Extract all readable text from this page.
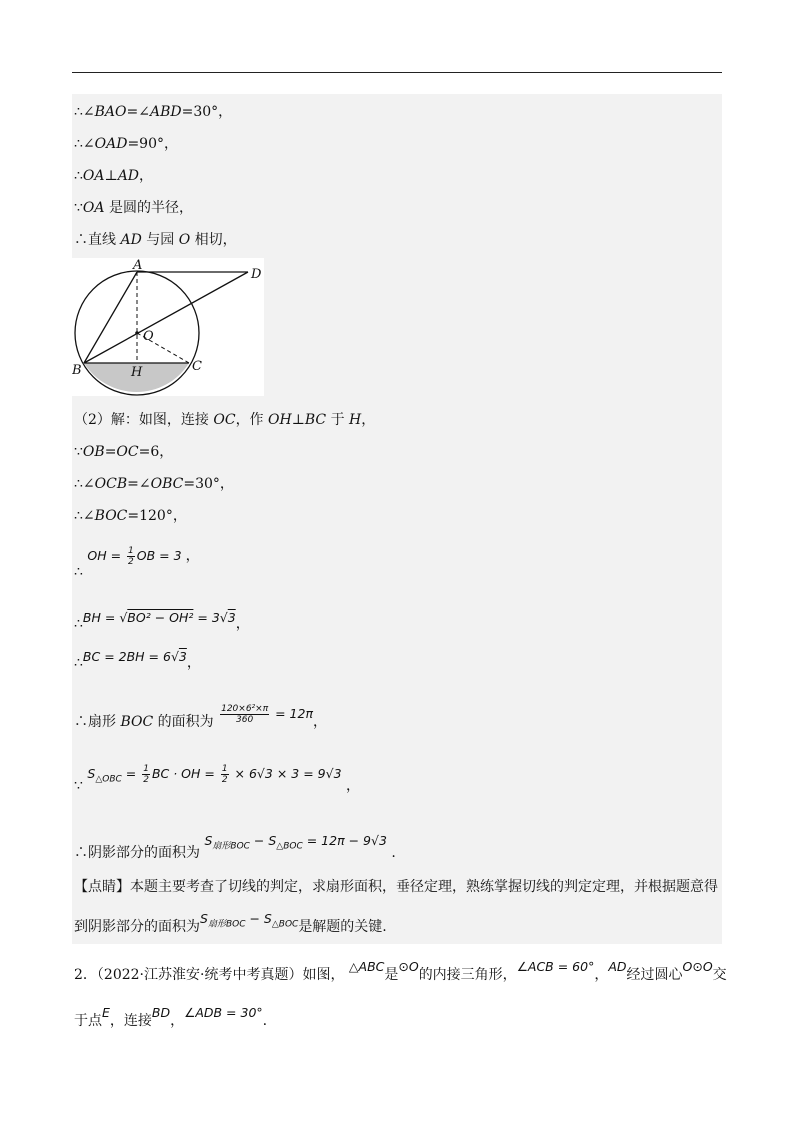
∴∠BAO=∠ABD=30°，
∴∠OAD=90°，
∴OA⊥AD，
∵OA 是圆的半径，
∴直线 AD 与园 O 相切，
A
D
O
B	H	C
（2）解：如图，连接 OC，作 OH⊥BC 于 H，
∵OB=OC=6，
∴∠OCB=∠OBC=30°，
∴∠BOC=120°，
∴ OH = $\frac{1}{2}$ OB = 3 ，
∴BH = √BO² − OH² = 3√3，
∴BC = 2BH = 6√3，
∴扇形 BOC 的面积为 $\frac{\text{120×6²×π}}{360} = 12\pi$，
∵ $S_{\triangle OBC} = \frac{1}{2}$ BC · OH = $\frac{1}{2} \times 6√3 \times 3 = 9√3$ ，
∴阴影部分的面积为 $S_{扇形BOC} - S_{\triangle BOC} = 12\pi - 9√3$ .
【点睛】本题主要考查了切线的判定，求扇形面积，垂径定理，熟练掌握切线的判定定理，并根据题意得
到阴影部分的面积为$S_{扇形BOC} - S_{\triangle BOC}$是解题的关键.
2．（2022·江苏淮安·统考中考真题）如图， △ABC是⊙O的内接三角形，∠ACB = 60°，AD经过圆心O⊙O交
于点E，连接BD，∠ADB = 30°.
